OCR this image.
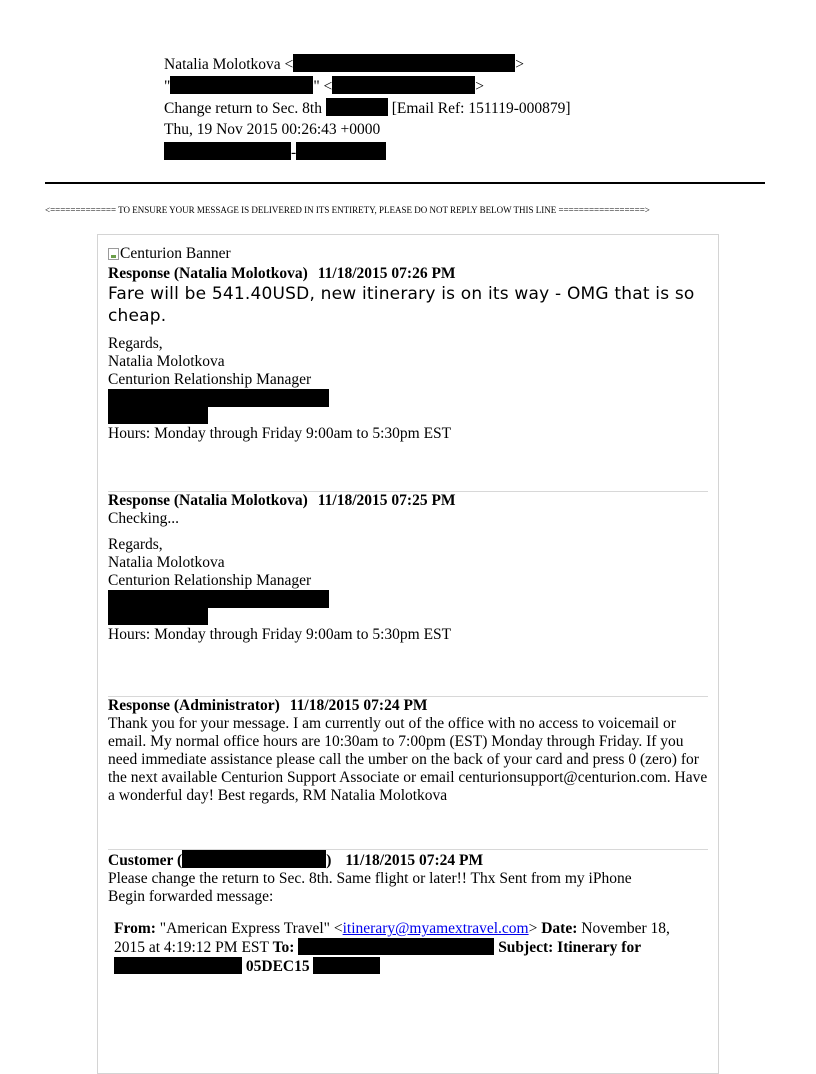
Natalia Molotkova <	>
"	" <	>
Change return to Sec. 8th	[Email Ref: 151119-000879]
Thu, 19 Nov 2015 00:26:43 +0000
-
<============= TO ENSURE YOUR MESSAGE IS DELIVERED IN ITS ENTIRETY, PLEASE DO NOT REPLY BELOW THIS LINE =================>
Centurion Banner
Response (Natalia Molotkova) 11/18/2015 07:26 PM
Fare will be 541.40USD, new itinerary is on its way - OMG that is so cheap.
Regards,
Natalia Molotkova
Centurion Relationship Manager
Hours: Monday through Friday 9:00am to 5:30pm EST
Response (Natalia Molotkova) 11/18/2015 07:25 PM
Checking...
Regards,
Natalia Molotkova
Centurion Relationship Manager
Hours: Monday through Friday 9:00am to 5:30pm EST
Response (Administrator) 11/18/2015 07:24 PM
Thank you for your message. I am currently out of the office with no access to voicemail or email. My normal office hours are 10:30am to 7:00pm (EST) Monday through Friday. If you need immediate assistance please call the umber on the back of your card and press 0 (zero) for the next available Centurion Support Associate or email centurionsupport@centurion.com. Have a wonderful day! Best regards, RM Natalia Molotkova
Customer (	) 11/18/2015 07:24 PM
Please change the return to Sec. 8th. Same flight or later!! Thx Sent from my iPhone
Begin forwarded message:
From: "American Express Travel" <itinerary@myamextravel.com> Date: November 18,
2015 at 4:19:12 PM EST To:	Subject: Itinerary for
05DEC15
